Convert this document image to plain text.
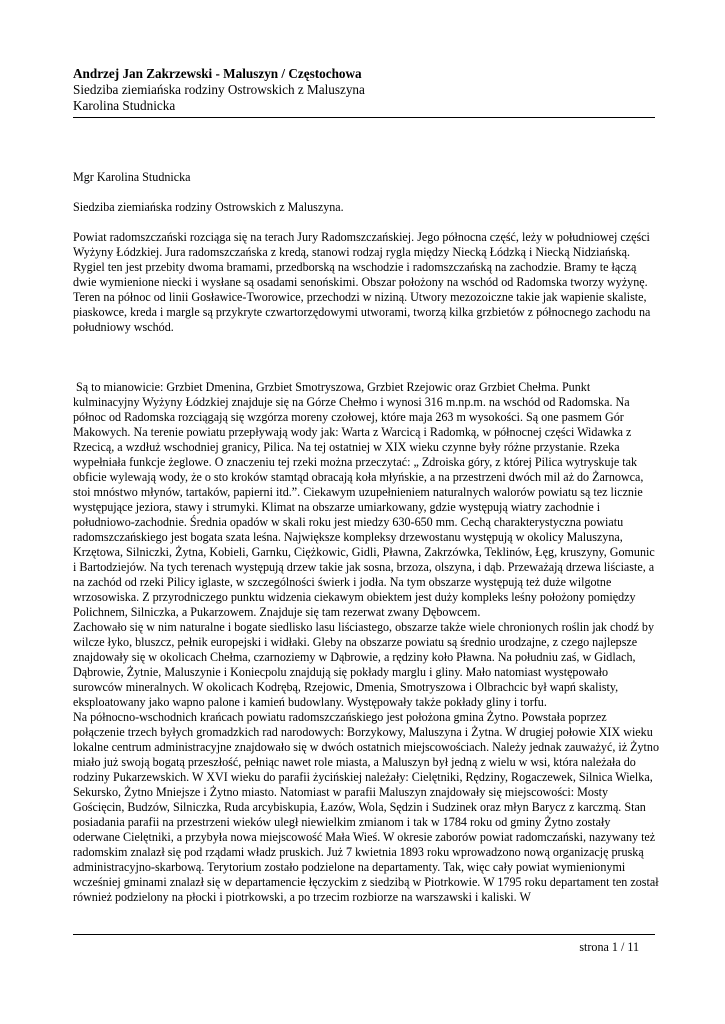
Andrzej Jan Zakrzewski - Maluszyn / Częstochowa
Siedziba ziemiańska rodziny Ostrowskich z Maluszyna
Karolina Studnicka

Mgr Karolina Studnicka

Siedziba ziemiańska rodziny Ostrowskich z Maluszyna.

Powiat radomszczański rozciąga się na terach Jury Radomszczańskiej. Jego północna część, leży w południowej części Wyżyny Łódzkiej. Jura radomszczańska z kredą, stanowi rodzaj rygla między Niecką Łódzką i Niecką Nidziańską. Rygiel ten jest przebity dwoma bramami, przedborską na wschodzie i radomszczańską na zachodzie. Bramy te łączą dwie wymienione niecki i wysłane są osadami senońskimi. Obszar położony na wschód od Radomska tworzy wyżynę. Teren na północ od linii Gosławice-Tworowice, przechodzi w niziną. Utwory mezozoiczne takie jak wapienie skaliste, piaskowce, kreda i margle są przykryte czwartorzędowymi utworami, tworzą kilka grzbietów z północnego zachodu na południowy wschód.

Są to mianowicie: Grzbiet Dmenina, Grzbiet Smotryszowa, Grzbiet Rzejowic oraz Grzbiet Chełma. Punkt kulminacyjny Wyżyny Łódzkiej znajduje się na Górze Chełmo i wynosi 316 m.np.m. na wschód od Radomska. Na północ od Radomska rozciągają się wzgórza moreny czołowej, które maja 263 m wysokości. Są one pasmem Gór Makowych. Na terenie powiatu przepływają wody jak: Warta z Warcicą i Radomką, w północnej części Widawka z Rzecicą, a wzdłuż wschodniej granicy, Pilica. Na tej ostatniej w XIX wieku czynne były różne przystanie. Rzeka wypełniała funkcje żeglowe. O znaczeniu tej rzeki można przeczytać: „ Zdroiska góry, z której Pilica wytryskuje tak obficie wylewają wody, że o sto kroków stamtąd obracają koła młyńskie, a na przestrzeni dwóch mil aż do Żarnowca, stoi mnóstwo młynów, tartaków, papierni itd.”. Ciekawym uzupełnieniem naturalnych walorów powiatu są tez licznie występujące jeziora, stawy i strumyki. Klimat na obszarze umiarkowany, gdzie występują wiatry zachodnie i południowo-zachodnie. Średnia opadów w skali roku jest miedzy 630-650 mm. Cechą charakterystyczna powiatu radomszczańskiego jest bogata szata leśna. Największe kompleksy drzewostanu występują w okolicy Maluszyna, Krzętowa, Silniczki, Żytna, Kobieli, Garnku, Ciężkowic, Gidli, Pławna, Zakrzówka, Teklinów, Łęg, kruszyny, Gomunic i Bartodziejów. Na tych terenach występują drzew takie jak sosna, brzoza, olszyna, i dąb. Przeważają drzewa liściaste, a na zachód od rzeki Pilicy iglaste, w szczególności świerk i jodła. Na tym obszarze występują też duże wilgotne wrzosowiska. Z przyrodniczego punktu widzenia ciekawym obiektem jest duży kompleks leśny położony pomiędzy Polichnem, Silniczka, a Pukarzowem. Znajduje się tam rezerwat zwany Dębowcem.

Zachowało się w nim naturalne i bogate siedlisko lasu liściastego, obszarze także wiele chronionych roślin jak chodź by wilcze łyko, bluszcz, pełnik europejski i widłaki. Gleby na obszarze powiatu są średnio urodzajne, z czego najlepsze znajdowały się w okolicach Chełma, czarnoziemy w Dąbrowie, a rędziny koło Pławna. Na południu zaś, w Gidlach, Dąbrowie, Żytnie, Maluszynie i Koniecpolu znajdują się pokłady marglu i gliny. Mało natomiast występowało surowców mineralnych. W okolicach Kodrębą, Rzejowic, Dmenia, Smotryszowa i Olbrachcic był wapń skalisty, eksploatowany jako wapno palone i kamień budowlany. Występowały także pokłady gliny i torfu.

Na północno-wschodnich krańcach powiatu radomszczańskiego jest położona gmina Żytno. Powstała poprzez połączenie trzech byłych gromadzkich rad narodowych: Borzykowy, Maluszyna i Żytna. W drugiej połowie XIX wieku lokalne centrum administracyjne znajdowało się w dwóch ostatnich miejscowościach. Należy jednak zauważyć, iż Żytno miało już swoją bogatą przeszłość, pełniąc nawet role miasta, a Maluszyn był jedną z wielu w wsi, która należała do rodziny Pukarzewskich. W XVI wieku do parafii życińskiej należały: Cielętniki, Rędziny, Rogaczewek, Silnica Wielka, Sekursko, Żytno Mniejsze i Żytno miasto. Natomiast w parafii Maluszyn znajdowały się miejscowości: Mosty Gościęcin, Budzów, Silniczka, Ruda arcybiskupia, Łazów, Wola, Sędzin i Sudzinek oraz młyn Barycz z karczmą. Stan posiadania parafii na przestrzeni wieków uległ niewielkim zmianom i tak w 1784 roku od gminy Żytno zostały oderwane Cielętniki, a przybyła nowa miejscowość Mała Wieś. W okresie zaborów powiat radomczański, nazywany też radomskim znalazł się pod rządami władz pruskich. Już 7 kwietnia 1893 roku wprowadzono nową organizację pruską administracyjno-skarbową. Terytorium zostało podzielone na departamenty. Tak, więc cały powiat wymienionymi wcześniej gminami znalazł się w departamencie łęczyckim z siedzibą w Piotrkowie. W 1795 roku departament ten został również podzielony na płocki i piotrkowski, a po trzecim rozbiorze na warszawski i kaliski. W

strona 1 / 11
